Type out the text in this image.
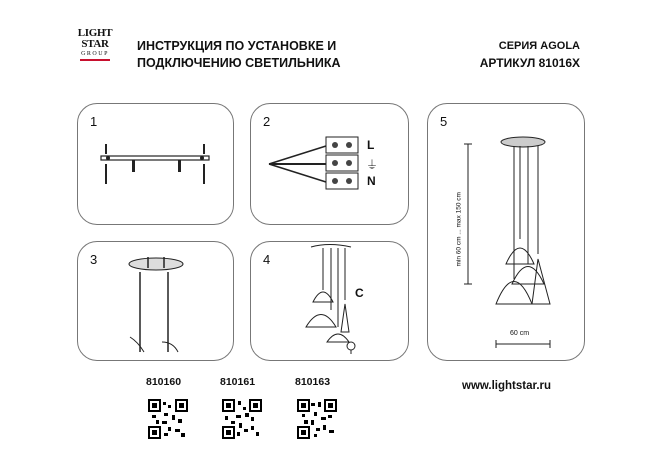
LIGHT
STAR
GROUP
ИНСТРУКЦИЯ ПО УСТАНОВКЕ И
ПОДКЛЮЧЕНИЮ СВЕТИЛЬНИКА
СЕРИЯ AGOLA
АРТИКУЛ 81016X
1	2
L
⏚
N
3	4
C
5
min 60 cm ... max 150 cm
60 cm
810160	810161	810163	www.lightstar.ru
